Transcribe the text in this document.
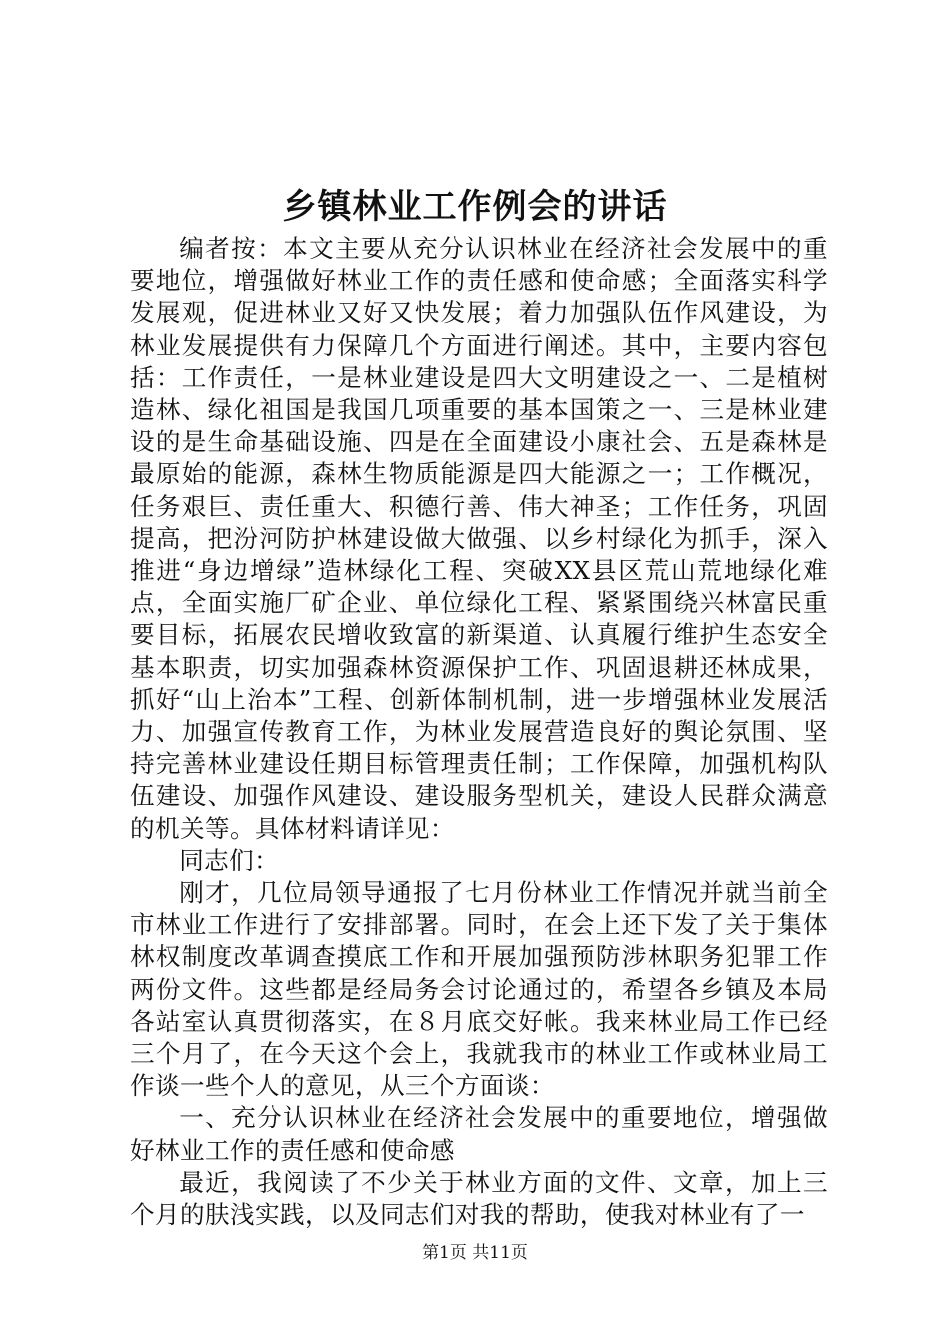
乡镇林业工作例会的讲话

编者按：本文主要从充分认识林业在经济社会发展中的重要地位，增强做好林业工作的责任感和使命感；全面落实科学发展观，促进林业又好又快发展；着力加强队伍作风建设，为林业发展提供有力保障几个方面进行阐述。其中，主要内容包括：工作责任，一是林业建设是四大文明建设之一、二是植树造林、绿化祖国是我国几项重要的基本国策之一、三是林业建设的是生命基础设施、四是在全面建设小康社会、五是森林是最原始的能源，森林生物质能源是四大能源之一；工作概况，任务艰巨、责任重大、积德行善、伟大神圣；工作任务，巩固提高，把汾河防护林建设做大做强、以乡村绿化为抓手，深入推进“身边增绿”造林绿化工程、突破XX县区荒山荒地绿化难点，全面实施厂矿企业、单位绿化工程、紧紧围绕兴林富民重要目标，拓展农民增收致富的新渠道、认真履行维护生态安全基本职责，切实加强森林资源保护工作、巩固退耕还林成果，抓好“山上治本”工程、创新体制机制，进一步增强林业发展活力、加强宣传教育工作，为林业发展营造良好的舆论氛围、坚持完善林业建设任期目标管理责任制；工作保障，加强机构队伍建设、加强作风建设、建设服务型机关，建设人民群众满意的机关等。具体材料请详见：

同志们：

刚才，几位局领导通报了七月份林业工作情况并就当前全市林业工作进行了安排部署。同时，在会上还下发了关于集体林权制度改革调查摸底工作和开展加强预防涉林职务犯罪工作两份文件。这些都是经局务会讨论通过的，希望各乡镇及本局各站室认真贯彻落实，在８月底交好帐。我来林业局工作已经三个月了，在今天这个会上，我就我市的林业工作或林业局工作谈一些个人的意见，从三个方面谈：

一、充分认识林业在经济社会发展中的重要地位，增强做好林业工作的责任感和使命感

最近，我阅读了不少关于林业方面的文件、文章，加上三个月的肤浅实践，以及同志们对我的帮助，使我对林业有了一

第1页 共11页
